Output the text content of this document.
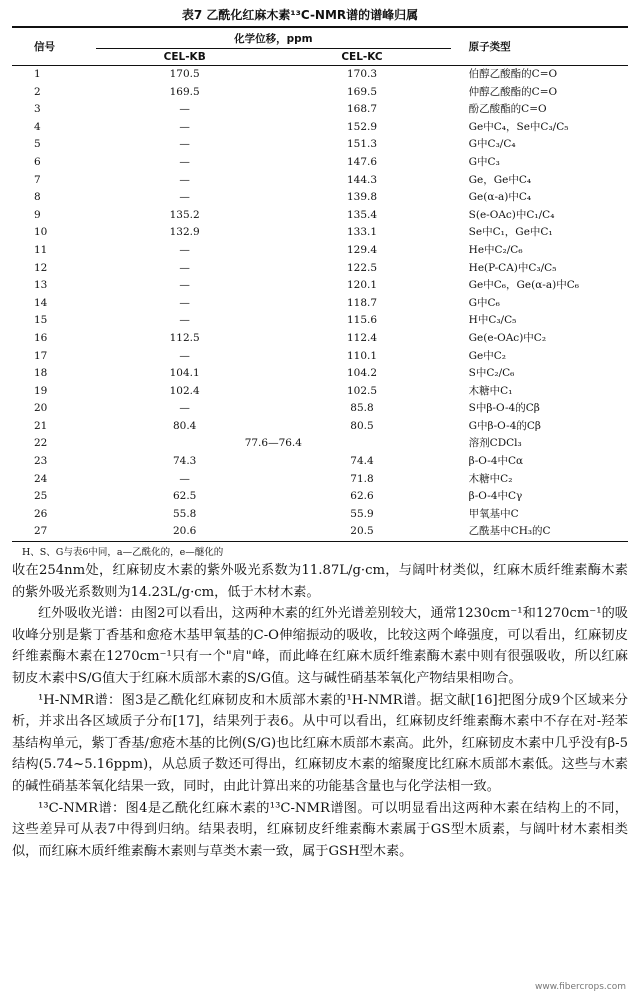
表7 乙酰化红麻木素¹³C-NMR谱的谱峰归属
信号	化学位移，ppm		原子类型
	CEL-KB	CEL-KC	
1	170.5	170.3	伯醇乙酸酯的C=O
2	169.5	169.5	仲醇乙酸酯的C=O
3	—	168.7	酚乙酸酯的C=O
4	—	152.9	Ge中C₄，Se中C₃/C₅
5	—	151.3	G中C₃/C₄
6	—	147.6	G中C₃
7	—	144.3	Ge，Ge中C₄
8	—	139.8	Ge(α-a)中C₄
9	135.2	135.4	S(e-OAc)中C₁/C₄
10	132.9	133.1	Se中C₁，Ge中C₁
11	—	129.4	He中C₂/C₆
12	—	122.5	He(P-CA)中C₃/C₅
13	—	120.1	Ge中C₆，Ge(α-a)中C₆
14	—	118.7	G中C₆
15	—	115.6	H中C₃/C₅
16	112.5	112.4	Ge(e-OAc)中C₂
17	—	110.1	Ge中C₂
18	104.1	104.2	S中C₂/C₆
19	102.4	102.5	木糖中C₁
20	—	85.8	S中β-O-4的Cβ
21	80.4	80.5	G中β-O-4的Cβ
22	77.6—76.4		溶剂CDCl₃
23	74.3	74.4	β-O-4中Cα
24	—	71.8	木糖中C₂
25	62.5	62.6	β-O-4中Cγ
26	55.8	55.9	甲氧基中C
27	20.6	20.5	乙酰基中CH₃的C
H、S、G与表6中同，a—乙酰化的，e—醚化的

收在254nm处，红麻韧皮木素的紫外吸光系数为11.87L/g·cm，与阔叶材类似，红麻木质纤维素酶木素的紫外吸光系数则为14.23L/g·cm，低于木材木素。

红外吸收光谱：由图2可以看出，这两种木素的红外光谱差别较大，通常1230cm⁻¹和1270cm⁻¹的吸收峰分别是紫丁香基和愈疮木基甲氧基的C-O伸缩振动的吸收，比较这两个峰强度，可以看出，红麻韧皮纤维素酶木素在1270cm⁻¹只有一个"肩"峰，而此峰在红麻木质纤维素酶木素中则有很强吸收，所以红麻韧皮木素中S/G值大于红麻木质部木素的S/G值。这与碱性硝基苯氧化产物结果相吻合。

¹H-NMR谱：图3是乙酰化红麻韧皮和木质部木素的¹H-NMR谱。据文献[16]把图分成9个区域来分析，并求出各区域质子分布[17]，结果列于表6。从中可以看出，红麻韧皮纤维素酶木素中不存在对-羟苯基结构单元，紫丁香基/愈疮木基的比例(S/G)也比红麻木质部木素高。此外，红麻韧皮木素中几乎没有β-5结构(5.74~5.16ppm)，从总质子数还可得出，红麻韧皮木素的缩聚度比红麻木质部木素低。这些与木素的碱性硝基苯氧化结果一致，同时，由此计算出来的功能基含量也与化学法相一致。

¹³C-NMR谱：图4是乙酰化红麻木素的¹³C-NMR谱图。可以明显看出这两种木素在结构上的不同，这些差异可从表7中得到归纳。结果表明，红麻韧皮纤维素酶木素属于GS型木质素，与阔叶材木素相类似，而红麻木质纤维素酶木素则与草类木素一致，属于GSH型木素。

www.fibercrops.com
